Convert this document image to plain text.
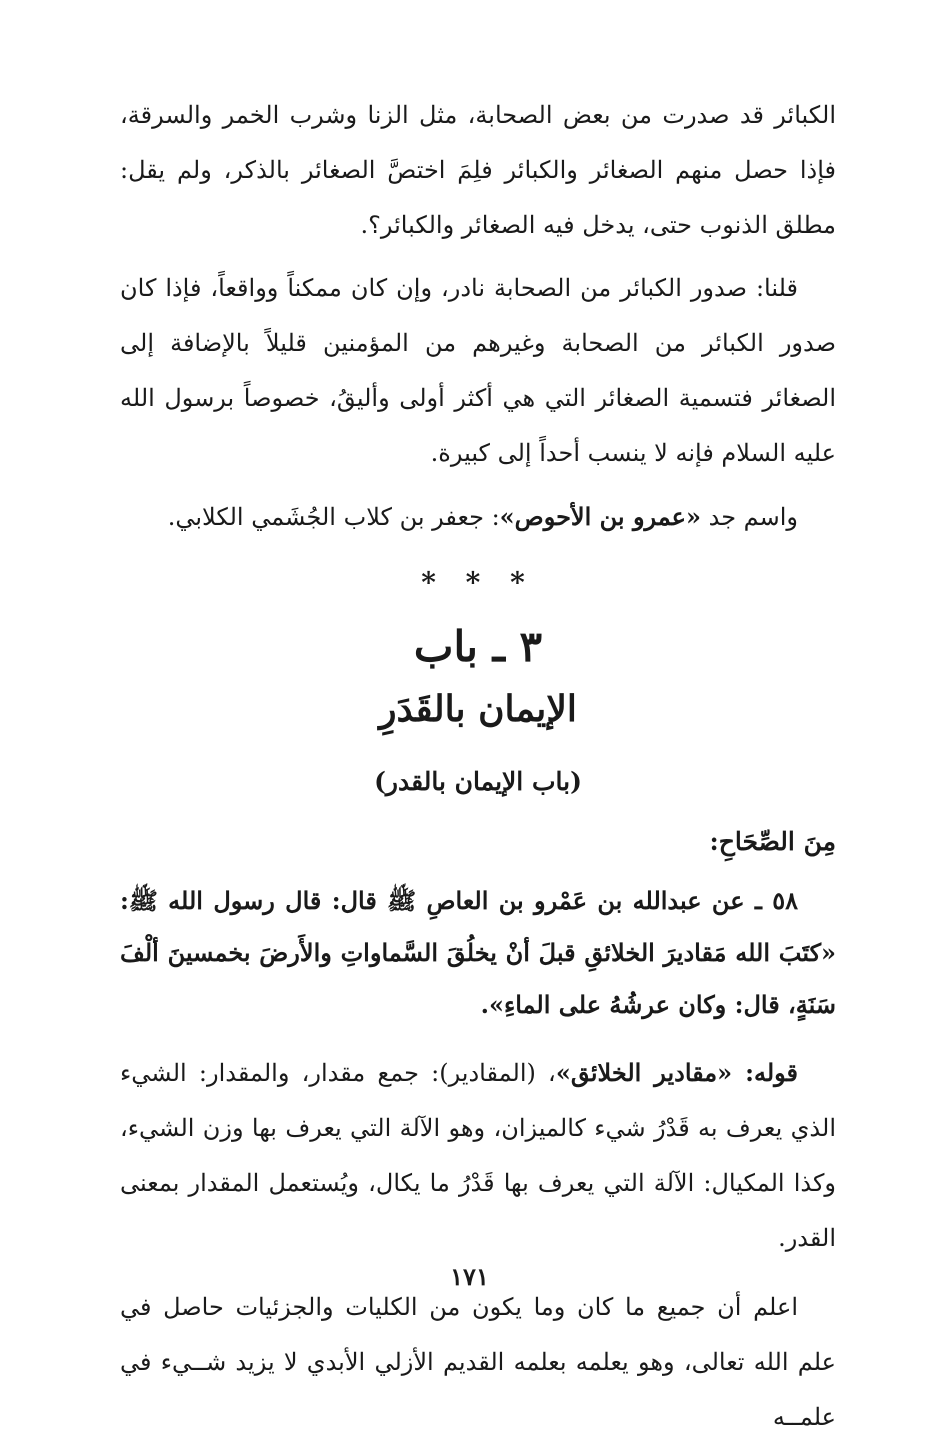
الكبائر قد صدرت من بعض الصحابة، مثل الزنا وشرب الخمر والسرقة، فإذا حصل منهم الصغائر والكبائر فلِمَ اختصَّ الصغائر بالذكر، ولم يقل: مطلق الذنوب حتى، يدخل فيه الصغائر والكبائر؟.

قلنا: صدور الكبائر من الصحابة نادر، وإن كان ممكناً وواقعاً، فإذا كان صدور الكبائر من الصحابة وغيرهم من المؤمنين قليلاً بالإضافة إلى الصغائر فتسمية الصغائر التي هي أكثر أولى وأليقُ، خصوصاً برسول الله عليه السلام فإنه لا ينسب أحداً إلى كبيرة.

واسم جد «عمرو بن الأحوص»: جعفر بن كلاب الجُشَمي الكلابي.

* * *
٣ ـ باب
الإيمان بالقَدَرِ
(باب الإيمان بالقدر)
مِنَ الصِّحَاحِ:

٥٨ ـ عن عبدالله بن عَمْرو بن العاصِ ﷺ قال: قال رسول الله ﷺ: «كتَبَ الله مَقاديرَ الخلائقِ قبلَ أنْ يخلُقَ السَّماواتِ والأَرضَ بخمسينَ ألْفَ سَنَةٍ، قال: وكان عرشُهُ على الماءِ».

قوله: «مقادير الخلائق»، (المقادير): جمع مقدار، والمقدار: الشيء الذي يعرف به قَدْرُ شيء كالميزان، وهو الآلة التي يعرف بها وزن الشيء، وكذا المكيال: الآلة التي يعرف بها قَدْرُ ما يكال، ويُستعمل المقدار بمعنى القدر.

اعلم أن جميع ما كان وما يكون من الكليات والجزئيات حاصل في علم الله تعالى، وهو يعلمه بعلمه القديم الأزلي الأبدي لا يزيد شــيء في علمــه

١٧١
